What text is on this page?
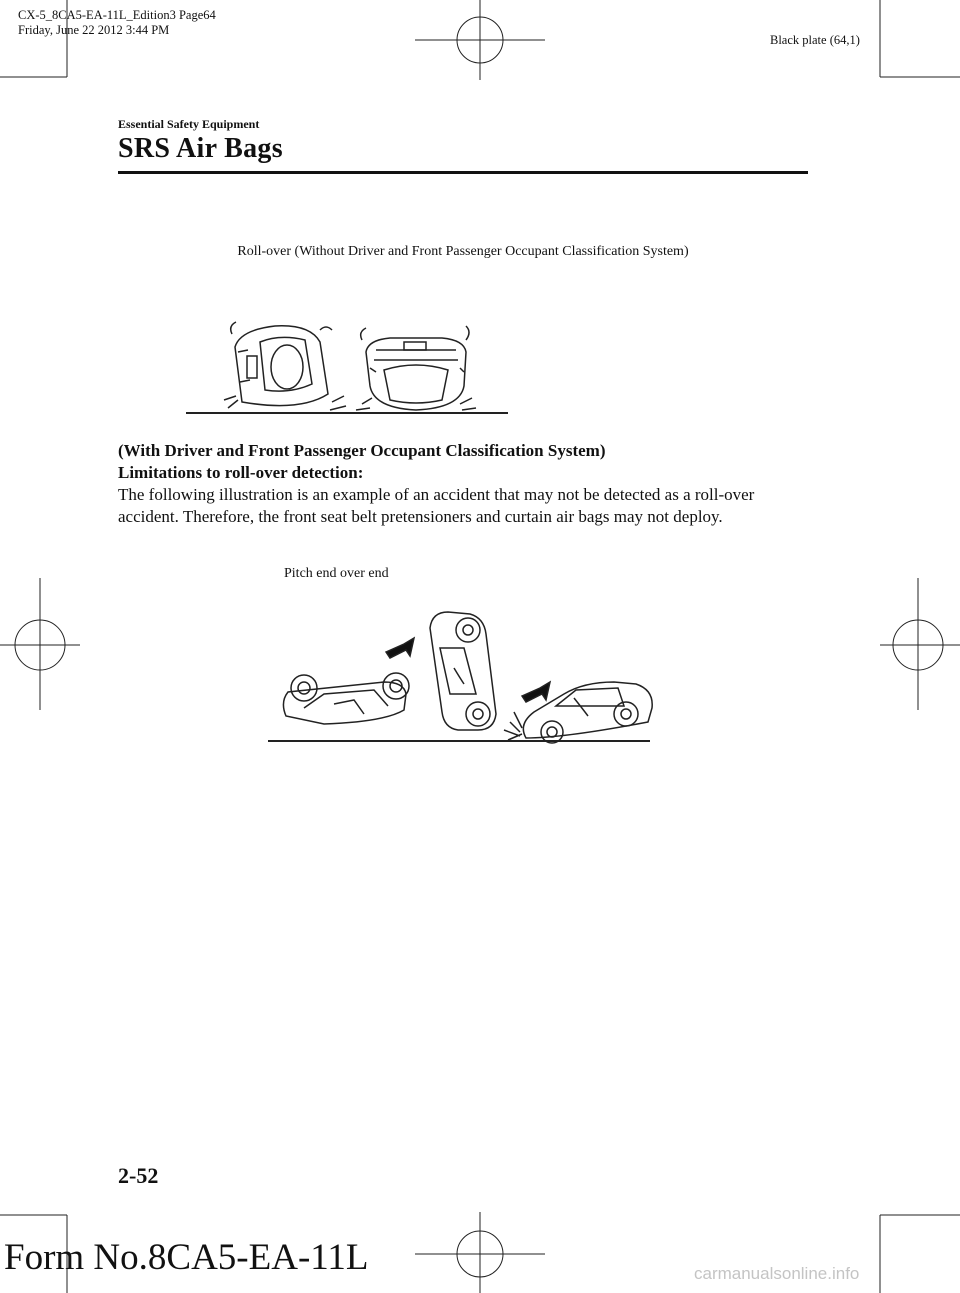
CX-5_8CA5-EA-11L_Edition3 Page64
Friday, June 22 2012 3:44 PM
Black plate (64,1)
Essential Safety Equipment
SRS Air Bags
Roll-over (Without Driver and Front Passenger Occupant Classification System)
(With Driver and Front Passenger Occupant Classification System)
Limitations to roll-over detection:
The following illustration is an example of an accident that may not be detected as a roll-over accident. Therefore, the front seat belt pretensioners and curtain air bags may not deploy.
Pitch end over end
2-52
Form No.8CA5-EA-11L	carmanualsonline.info
